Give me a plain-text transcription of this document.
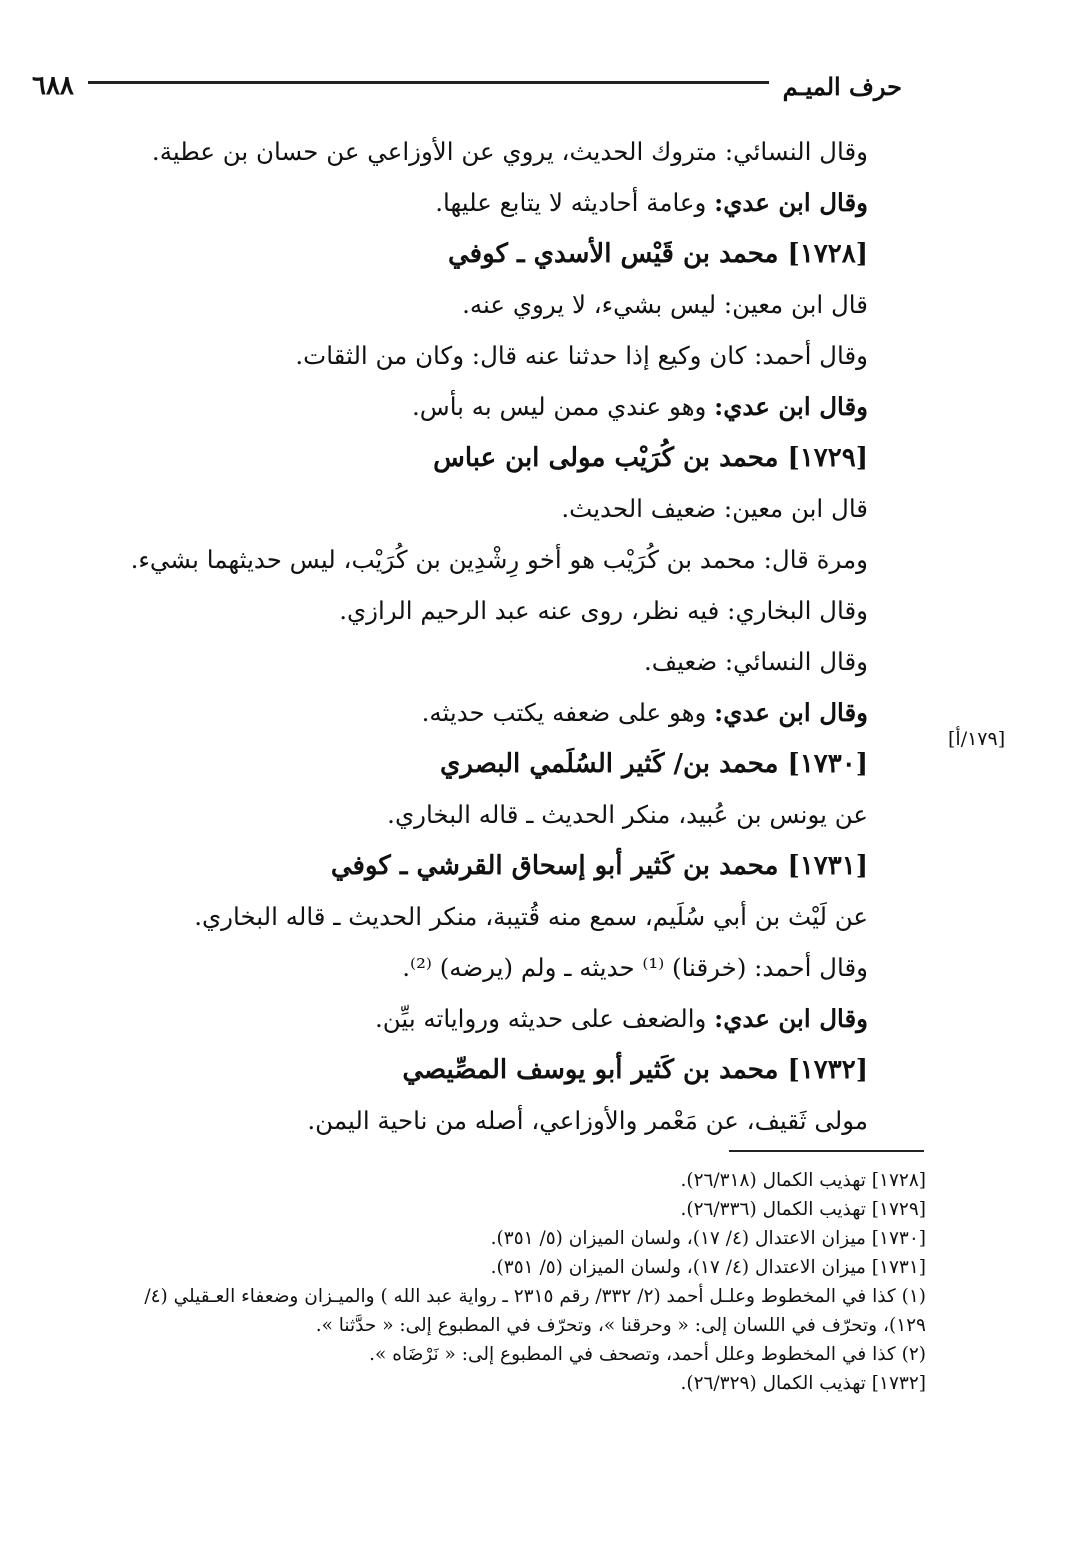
٦٨٨	حرف الميـم
[١٧٩/أ]
وقال النسائي: متروك الحديث، يروي عن الأوزاعي عن حسان بن عطية.
وقال ابن عدي: وعامة أحاديثه لا يتابع عليها.
[١٧٢٨] محمد بن قَيْس الأسدي ـ كوفي
قال ابن معين: ليس بشيء، لا يروي عنه.
وقال أحمد: كان وكيع إذا حدثنا عنه قال: وكان من الثقات.
وقال ابن عدي: وهو عندي ممن ليس به بأس.
[١٧٢٩] محمد بن كُرَيْب مولى ابن عباس
قال ابن معين: ضعيف الحديث.
ومرة قال: محمد بن كُرَيْب هو أخو رِشْدِين بن كُرَيْب، ليس حديثهما بشيء.
وقال البخاري: فيه نظر، روى عنه عبد الرحيم الرازي.
وقال النسائي: ضعيف.
وقال ابن عدي: وهو على ضعفه يكتب حديثه.
[١٧٣٠] محمد بن/ كَثير السُلَمي البصري
عن يونس بن عُبيد، منكر الحديث ـ قاله البخاري.
[١٧٣١] محمد بن كَثير أبو إسحاق القرشي ـ كوفي
عن لَيْث بن أبي سُلَيم، سمع منه قُتيبة، منكر الحديث ـ قاله البخاري.
وقال أحمد: (خرقنا) ⁽¹⁾ حديثه ـ ولم (يرضه) ⁽²⁾.
وقال ابن عدي: والضعف على حديثه ورواياته بيِّن.
[١٧٣٢] محمد بن كَثير أبو يوسف المصِّيصي
مولى ثَقيف، عن مَعْمر والأوزاعي، أصله من ناحية اليمن.
[١٧٢٨] تهذيب الكمال (٢٦/٣١٨).
[١٧٢٩] تهذيب الكمال (٢٦/٣٣٦).
[١٧٣٠] ميزان الاعتدال (٤/ ١٧)، ولسان الميزان (٥/ ٣٥١).
[١٧٣١] ميزان الاعتدال (٤/ ١٧)، ولسان الميزان (٥/ ٣٥١).
(١) كذا في المخطوط وعلـل أحمد (٢/ ٣٣٢/ رقم ٢٣١٥ ـ رواية عبد الله ) والميـزان وضعفاء العـقيلي (٤/
١٢٩)، وتحرّف في اللسان إلى: « وحرقنا »، وتحرّف في المطبوع إلى: « حدَّثنا ».
(٢) كذا في المخطوط وعلل أحمد، وتصحف في المطبوع إلى: « نَرْضَاه ».
[١٧٣٢] تهذيب الكمال (٢٦/٣٢٩).
